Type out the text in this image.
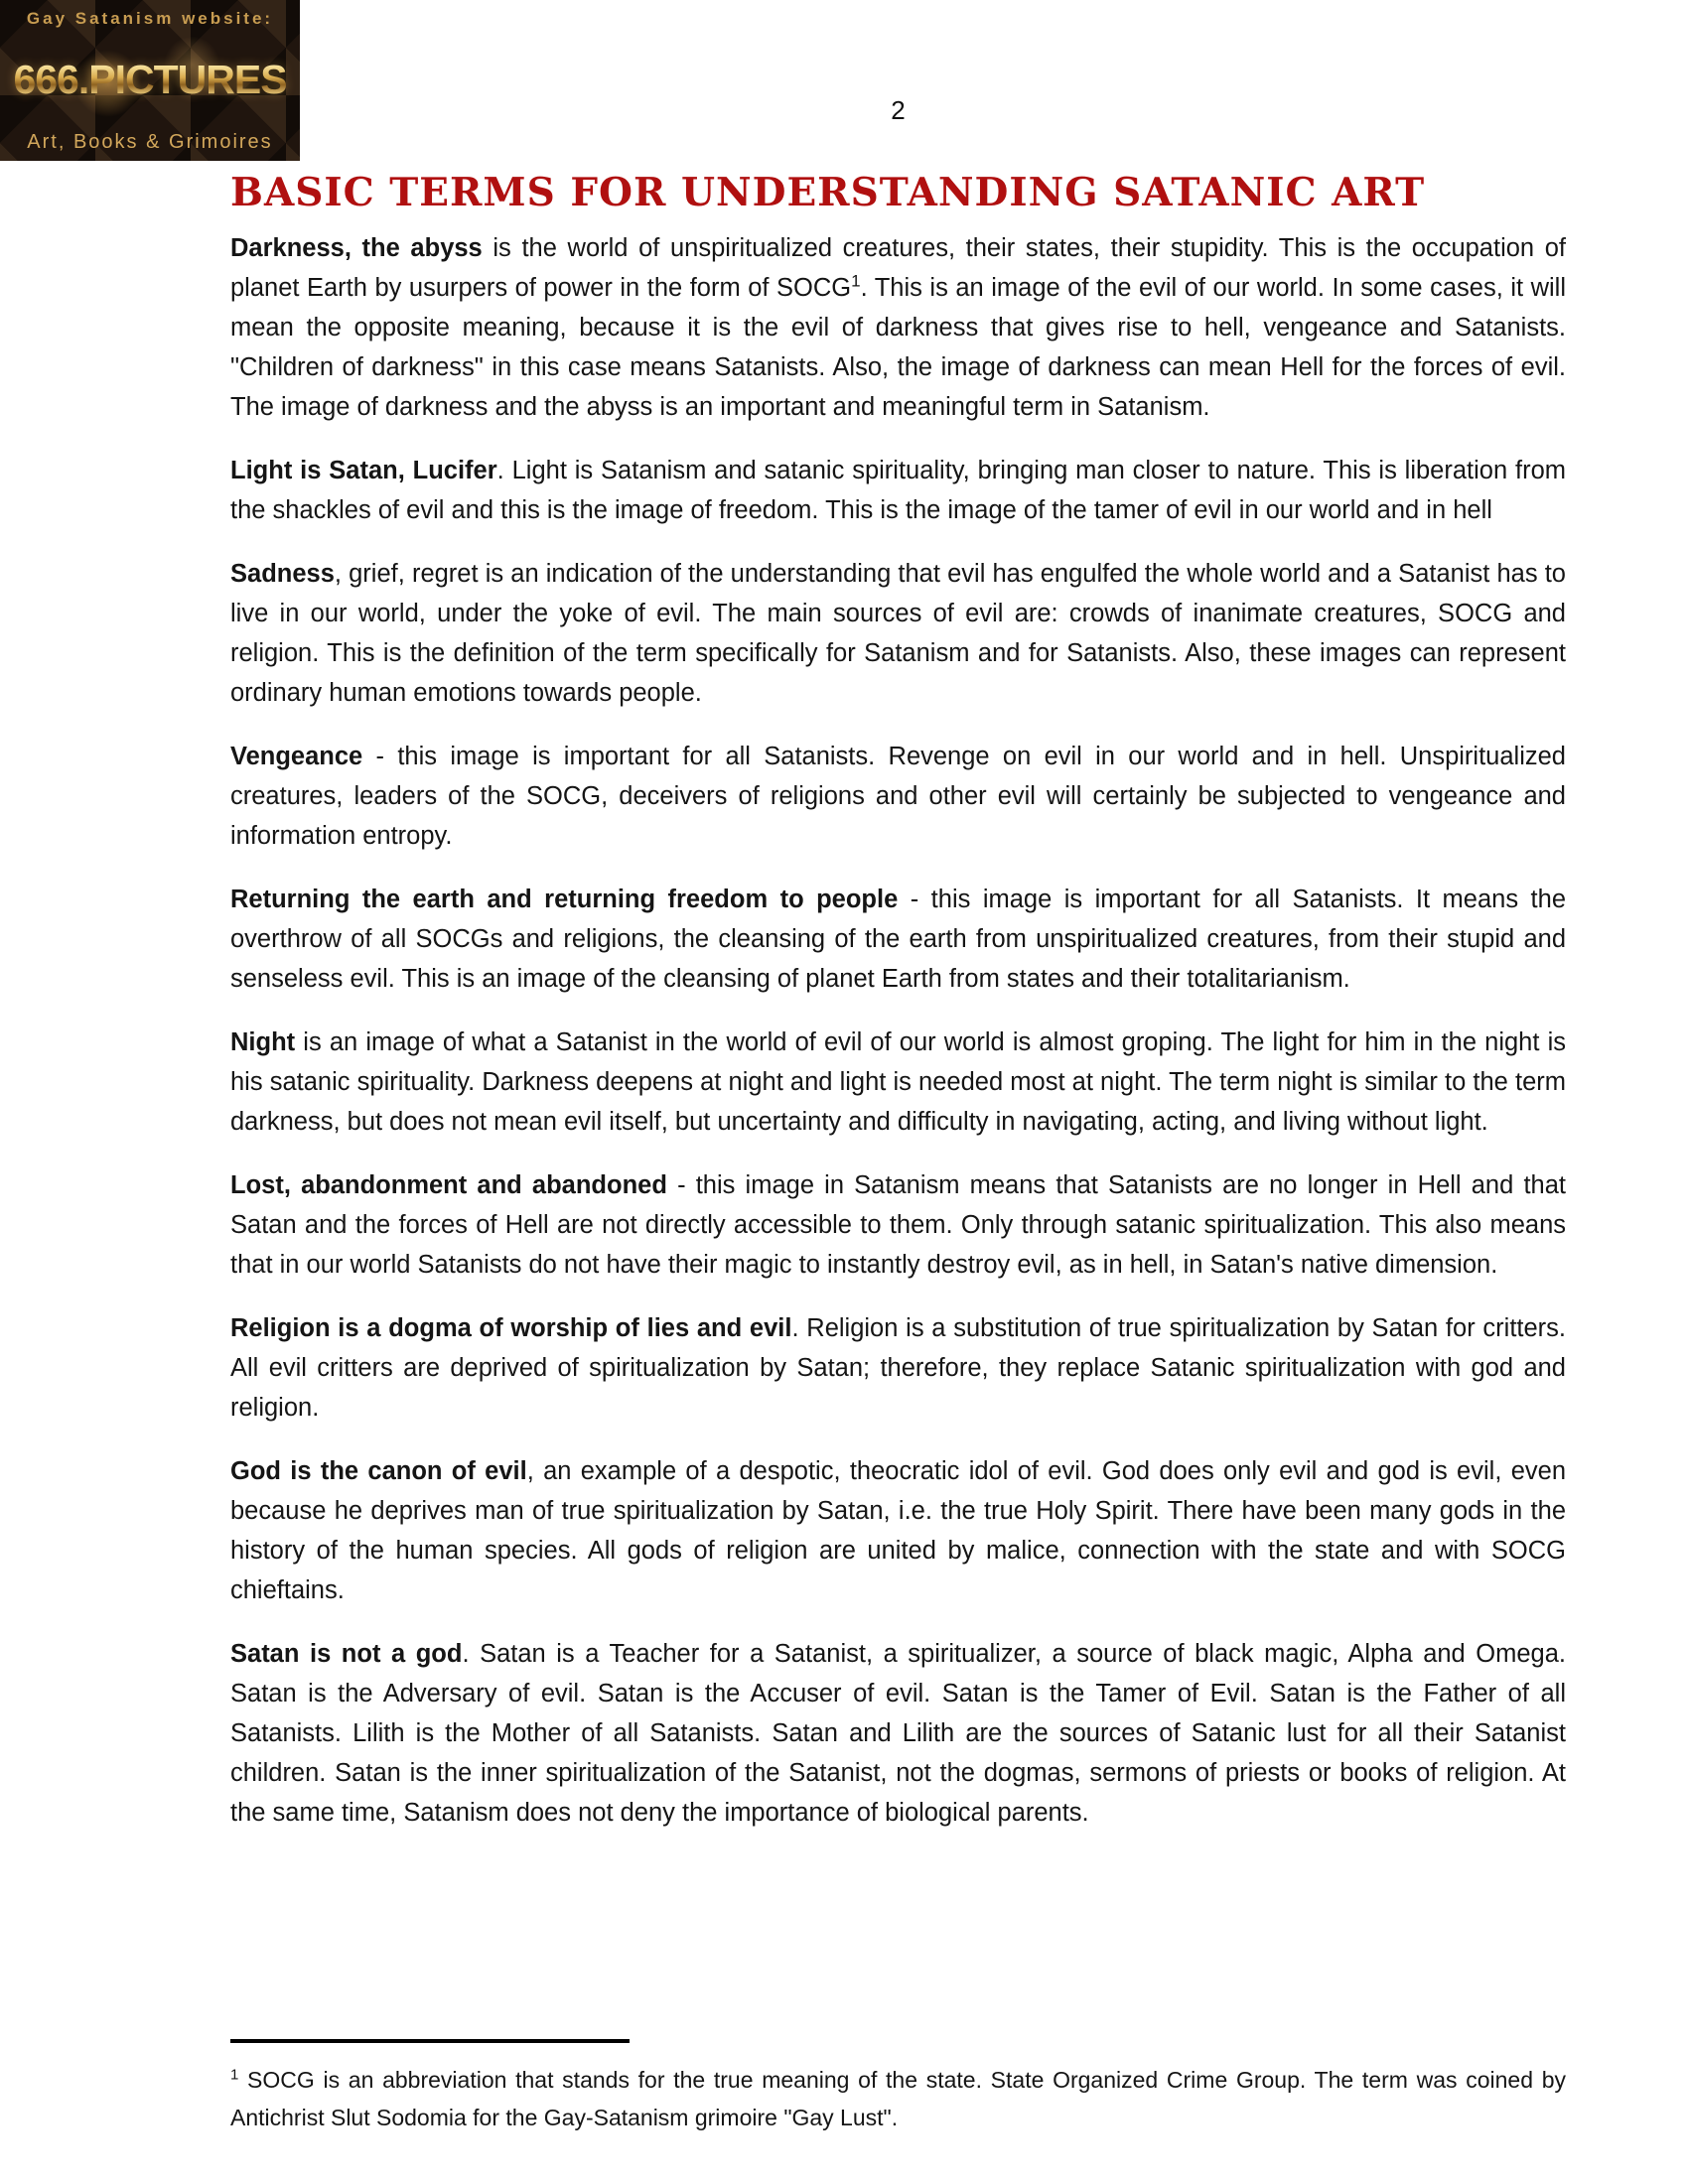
Gay Satanism website:
666.PICTURES
Art, Books & Grimoires
2
BASIC TERMS FOR UNDERSTANDING SATANIC ART

Darkness, the abyss is the world of unspiritualized creatures, their states, their stupidity. This is the occupation of planet Earth by usurpers of power in the form of SOCG$^1$. This is an image of the evil of our world. In some cases, it will mean the opposite meaning, because it is the evil of darkness that gives rise to hell, vengeance and Satanists. "Children of darkness" in this case means Satanists. Also, the image of darkness can mean Hell for the forces of evil. The image of darkness and the abyss is an important and meaningful term in Satanism.

Light is Satan, Lucifer. Light is Satanism and satanic spirituality, bringing man closer to nature. This is liberation from the shackles of evil and this is the image of freedom. This is the image of the tamer of evil in our world and in hell

Sadness, grief, regret is an indication of the understanding that evil has engulfed the whole world and a Satanist has to live in our world, under the yoke of evil. The main sources of evil are: crowds of inanimate creatures, SOCG and religion. This is the definition of the term specifically for Satanism and for Satanists. Also, these images can represent ordinary human emotions towards people.

Vengeance - this image is important for all Satanists. Revenge on evil in our world and in hell. Unspiritualized creatures, leaders of the SOCG, deceivers of religions and other evil will certainly be subjected to vengeance and information entropy.

Returning the earth and returning freedom to people - this image is important for all Satanists. It means the overthrow of all SOCGs and religions, the cleansing of the earth from unspiritualized creatures, from their stupid and senseless evil. This is an image of the cleansing of planet Earth from states and their totalitarianism.

Night is an image of what a Satanist in the world of evil of our world is almost groping. The light for him in the night is his satanic spirituality. Darkness deepens at night and light is needed most at night. The term night is similar to the term darkness, but does not mean evil itself, but uncertainty and difficulty in navigating, acting, and living without light.

Lost, abandonment and abandoned - this image in Satanism means that Satanists are no longer in Hell and that Satan and the forces of Hell are not directly accessible to them. Only through satanic spiritualization. This also means that in our world Satanists do not have their magic to instantly destroy evil, as in hell, in Satan's native dimension.

Religion is a dogma of worship of lies and evil. Religion is a substitution of true spiritualization by Satan for critters. All evil critters are deprived of spiritualization by Satan; therefore, they replace Satanic spiritualization with god and religion.

God is the canon of evil, an example of a despotic, theocratic idol of evil. God does only evil and god is evil, even because he deprives man of true spiritualization by Satan, i.e. the true Holy Spirit. There have been many gods in the history of the human species. All gods of religion are united by malice, connection with the state and with SOCG chieftains.

Satan is not a god. Satan is a Teacher for a Satanist, a spiritualizer, a source of black magic, Alpha and Omega. Satan is the Adversary of evil. Satan is the Accuser of evil. Satan is the Tamer of Evil. Satan is the Father of all Satanists. Lilith is the Mother of all Satanists. Satan and Lilith are the sources of Satanic lust for all their Satanist children. Satan is the inner spiritualization of the Satanist, not the dogmas, sermons of priests or books of religion. At the same time, Satanism does not deny the importance of biological parents.

$^1$ SOCG is an abbreviation that stands for the true meaning of the state. State Organized Crime Group. The term was coined by Antichrist Slut Sodomia for the Gay-Satanism grimoire "Gay Lust".
